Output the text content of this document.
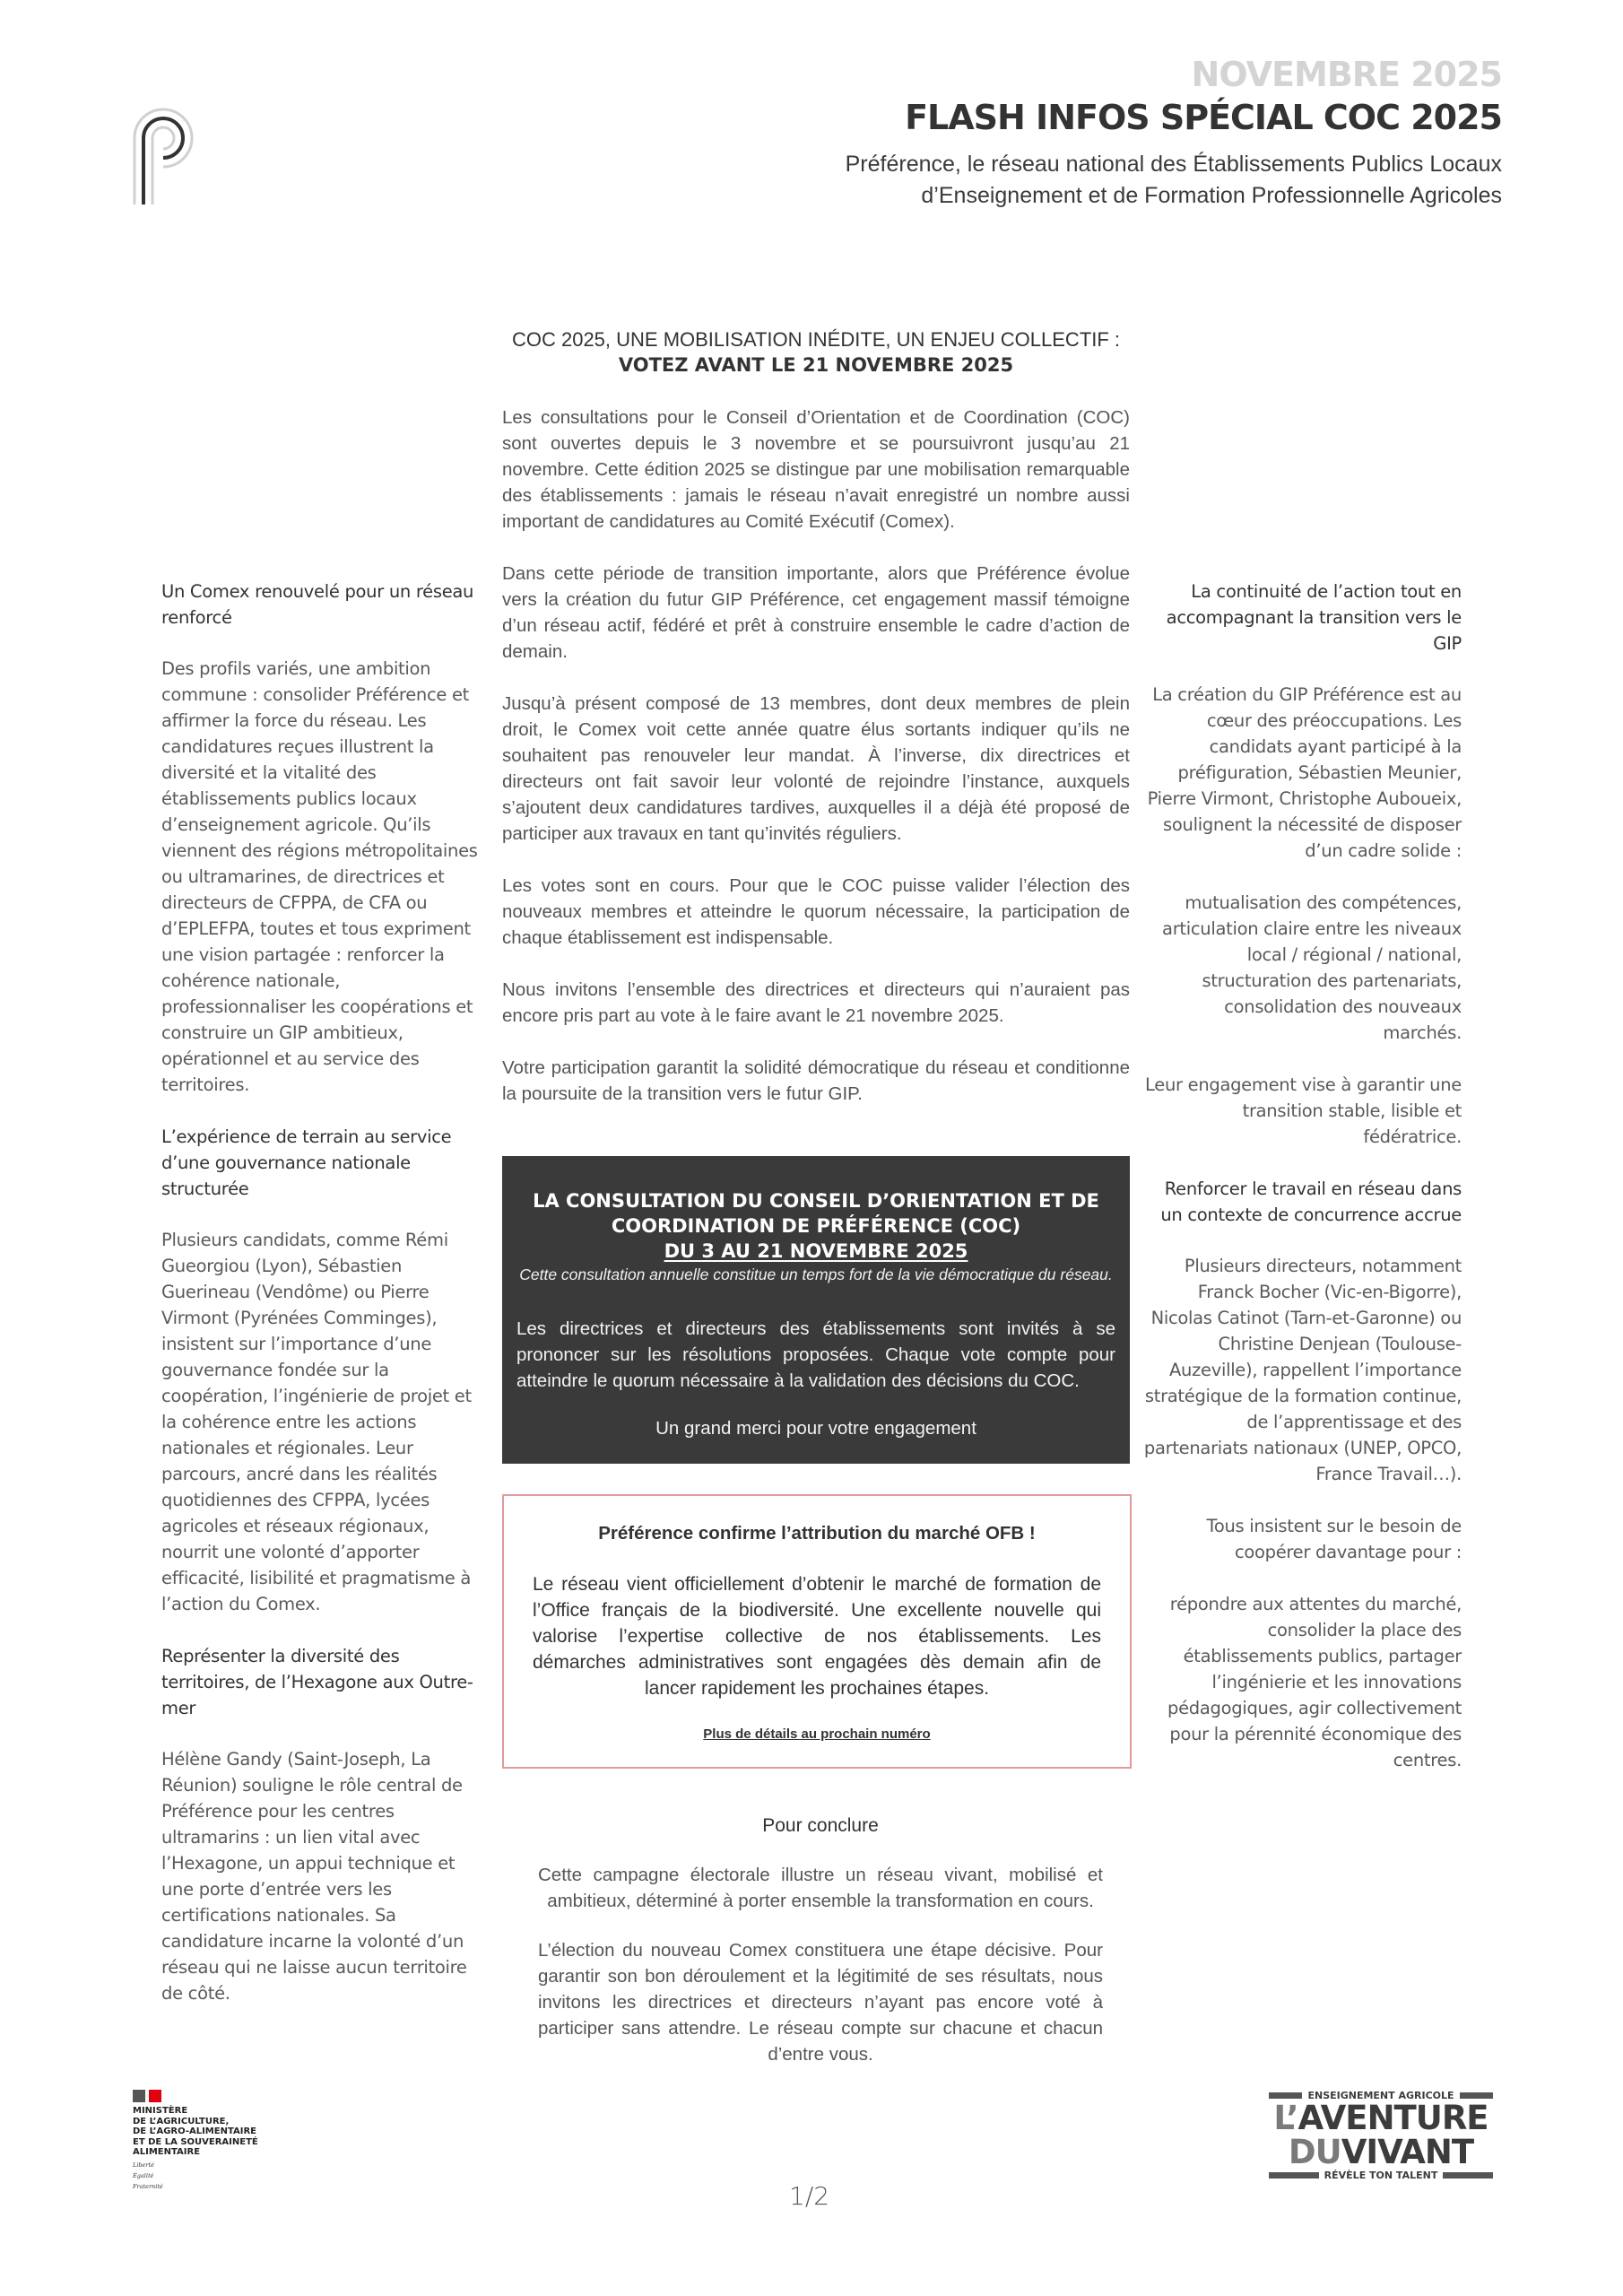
NOVEMBRE 2025
FLASH INFOS SPÉCIAL COC 2025
Préférence, le réseau national des Établissements Publics Locaux
d’Enseignement et de Formation Professionnelle Agricoles
COC 2025, UNE MOBILISATION INÉDITE, UN ENJEU COLLECTIF :
VOTEZ AVANT LE 21 NOVEMBRE 2025

Les consultations pour le Conseil d’Orientation et de Coordination (COC) sont ouvertes depuis le 3 novembre et se poursuivront jusqu’au 21 novembre. Cette édition 2025 se distingue par une mobilisation remarquable des établissements : jamais le réseau n’avait enregistré un nombre aussi important de candidatures au Comité Exécutif (Comex).

Dans cette période de transition importante, alors que Préférence évolue vers la création du futur GIP Préférence, cet engagement massif témoigne d’un réseau actif, fédéré et prêt à construire ensemble le cadre d’action de demain.

Jusqu’à présent composé de 13 membres, dont deux membres de plein droit, le Comex voit cette année quatre élus sortants indiquer qu’ils ne souhaitent pas renouveler leur mandat. À l’inverse, dix directrices et directeurs ont fait savoir leur volonté de rejoindre l’instance, auxquels s’ajoutent deux candidatures tardives, auxquelles il a déjà été proposé de participer aux travaux en tant qu’invités réguliers.

Les votes sont en cours. Pour que le COC puisse valider l’élection des nouveaux membres et atteindre le quorum nécessaire, la participation de chaque établissement est indispensable.

Nous invitons l’ensemble des directrices et directeurs qui n’auraient pas encore pris part au vote à le faire avant le 21 novembre 2025.

Votre participation garantit la solidité démocratique du réseau et conditionne la poursuite de la transition vers le futur GIP.

LA CONSULTATION DU CONSEIL D’ORIENTATION ET DE
COORDINATION DE PRÉFÉRENCE (COC)
DU 3 AU 21 NOVEMBRE 2025
Cette consultation annuelle constitue un temps fort de la vie démocratique du réseau.
Les directrices et directeurs des établissements sont invités à se prononcer sur les résolutions proposées. Chaque vote compte pour atteindre le quorum nécessaire à la validation des décisions du COC.
Un grand merci pour votre engagement
Préférence confirme l’attribution du marché OFB !
Le réseau vient officiellement d’obtenir le marché de formation de l’Office français de la biodiversité. Une excellente nouvelle qui valorise l’expertise collective de nos établissements. Les démarches administratives sont engagées dès demain afin de lancer rapidement les prochaines étapes.
Plus de détails au prochain numéro
Pour conclure
Cette campagne électorale illustre un réseau vivant, mobilisé et ambitieux, déterminé à porter ensemble la transformation en cours.
L’élection du nouveau Comex constituera une étape décisive. Pour garantir son bon déroulement et la légitimité de ses résultats, nous invitons les directrices et directeurs n’ayant pas encore voté à participer sans attendre. Le réseau compte sur chacune et chacun d’entre vous.
Un Comex renouvelé pour un réseau renforcé

Des profils variés, une ambition commune : consolider Préférence et affirmer la force du réseau. Les candidatures reçues illustrent la diversité et la vitalité des établissements publics locaux d’enseignement agricole. Qu’ils viennent des régions métropolitaines ou ultramarines, de directrices et directeurs de CFPPA, de CFA ou d’EPLEFPA, toutes et tous expriment une vision partagée : renforcer la cohérence nationale, professionnaliser les coopérations et construire un GIP ambitieux, opérationnel et au service des territoires.

L’expérience de terrain au service d’une gouvernance nationale structurée

Plusieurs candidats, comme Rémi Gueorgiou (Lyon), Sébastien Guerineau (Vendôme) ou Pierre Virmont (Pyrénées Comminges), insistent sur l’importance d’une gouvernance fondée sur la coopération, l’ingénierie de projet et la cohérence entre les actions nationales et régionales. Leur parcours, ancré dans les réalités quotidiennes des CFPPA, lycées agricoles et réseaux régionaux, nourrit une volonté d’apporter efficacité, lisibilité et pragmatisme à l’action du Comex.

Représenter la diversité des territoires, de l’Hexagone aux Outre-mer

Hélène Gandy (Saint-Joseph, La Réunion) souligne le rôle central de Préférence pour les centres ultramarins : un lien vital avec l’Hexagone, un appui technique et une porte d’entrée vers les certifications nationales. Sa candidature incarne la volonté d’un réseau qui ne laisse aucun territoire de côté.

La continuité de l’action tout en accompagnant la transition vers le GIP

La création du GIP Préférence est au cœur des préoccupations. Les candidats ayant participé à la préfiguration, Sébastien Meunier, Pierre Virmont, Christophe Auboueix, soulignent la nécessité de disposer d’un cadre solide :

mutualisation des compétences, articulation claire entre les niveaux local / régional / national, structuration des partenariats, consolidation des nouveaux marchés.

Leur engagement vise à garantir une transition stable, lisible et fédératrice.

Renforcer le travail en réseau dans un contexte de concurrence accrue

Plusieurs directeurs, notamment Franck Bocher (Vic-en-Bigorre), Nicolas Catinot (Tarn-et-Garonne) ou Christine Denjean (Toulouse-Auzeville), rappellent l’importance stratégique de la formation continue, de l’apprentissage et des partenariats nationaux (UNEP, OPCO, France Travail…).

Tous insistent sur le besoin de coopérer davantage pour :

répondre aux attentes du marché, consolider la place des établissements publics, partager l’ingénierie et les innovations pédagogiques, agir collectivement pour la pérennité économique des centres.

MINISTÈRE
DE L’AGRICULTURE,
DE L’AGRO-ALIMENTAIRE
ET DE LA SOUVERAINETÉ
ALIMENTAIRE
Liberté
Égalité
Fraternité	1/2
ENSEIGNEMENT AGRICOLE
L’AVENTURE
DUVIVANT
RÉVÈLE TON TALENT
